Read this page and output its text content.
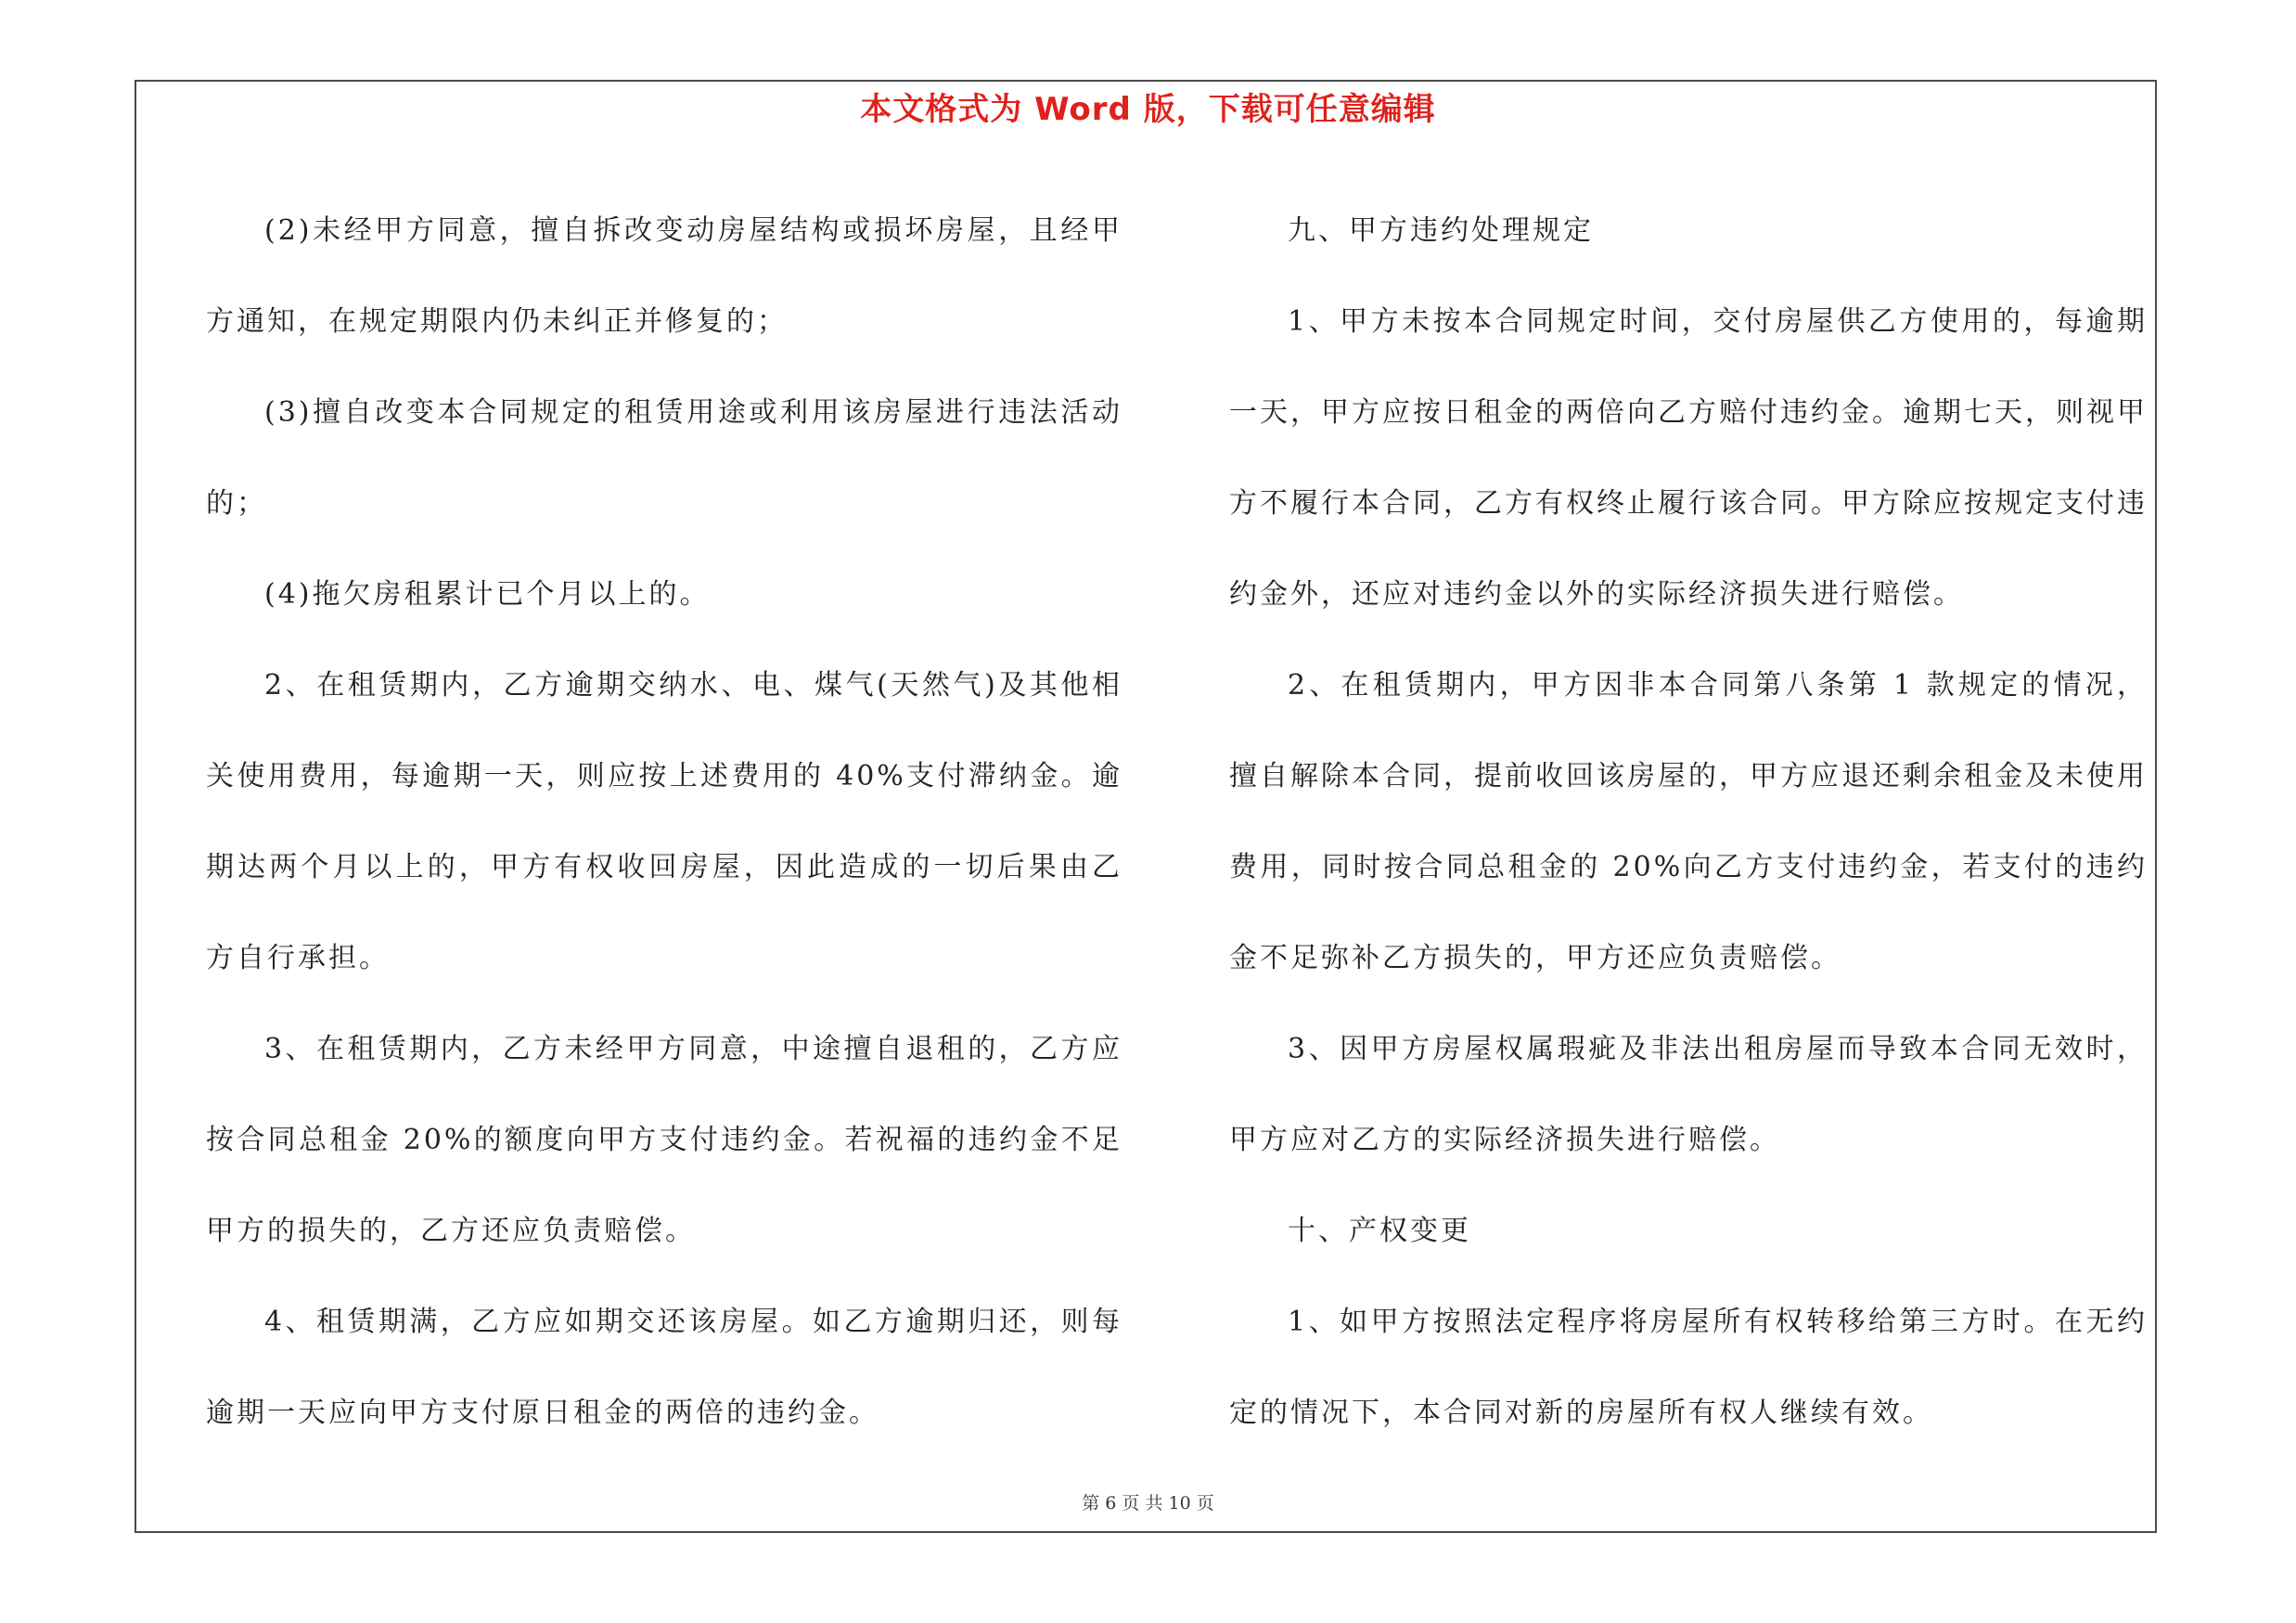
本文格式为 Word 版，下载可任意编辑

(2)未经甲方同意，擅自拆改变动房屋结构或损坏房屋，且经甲方通知，在规定期限内仍未纠正并修复的；

(3)擅自改变本合同规定的租赁用途或利用该房屋进行违法活动的；

(4)拖欠房租累计已个月以上的。

2、在租赁期内，乙方逾期交纳水、电、煤气(天然气)及其他相关使用费用，每逾期一天，则应按上述费用的 40%支付滞纳金。逾期达两个月以上的，甲方有权收回房屋，因此造成的一切后果由乙方自行承担。

3、在租赁期内，乙方未经甲方同意，中途擅自退租的，乙方应按合同总租金 20%的额度向甲方支付违约金。若祝福的违约金不足甲方的损失的，乙方还应负责赔偿。

4、租赁期满，乙方应如期交还该房屋。如乙方逾期归还，则每逾期一天应向甲方支付原日租金的两倍的违约金。

九、甲方违约处理规定

1、甲方未按本合同规定时间，交付房屋供乙方使用的，每逾期一天，甲方应按日租金的两倍向乙方赔付违约金。逾期七天，则视甲方不履行本合同，乙方有权终止履行该合同。甲方除应按规定支付违约金外，还应对违约金以外的实际经济损失进行赔偿。

2、在租赁期内，甲方因非本合同第八条第 1 款规定的情况，擅自解除本合同，提前收回该房屋的，甲方应退还剩余租金及未使用费用，同时按合同总租金的 20%向乙方支付违约金，若支付的违约金不足弥补乙方损失的，甲方还应负责赔偿。

3、因甲方房屋权属瑕疵及非法出租房屋而导致本合同无效时，甲方应对乙方的实际经济损失进行赔偿。

十、产权变更

1、如甲方按照法定程序将房屋所有权转移给第三方时。在无约定的情况下，本合同对新的房屋所有权人继续有效。

第 6 页 共 10 页
